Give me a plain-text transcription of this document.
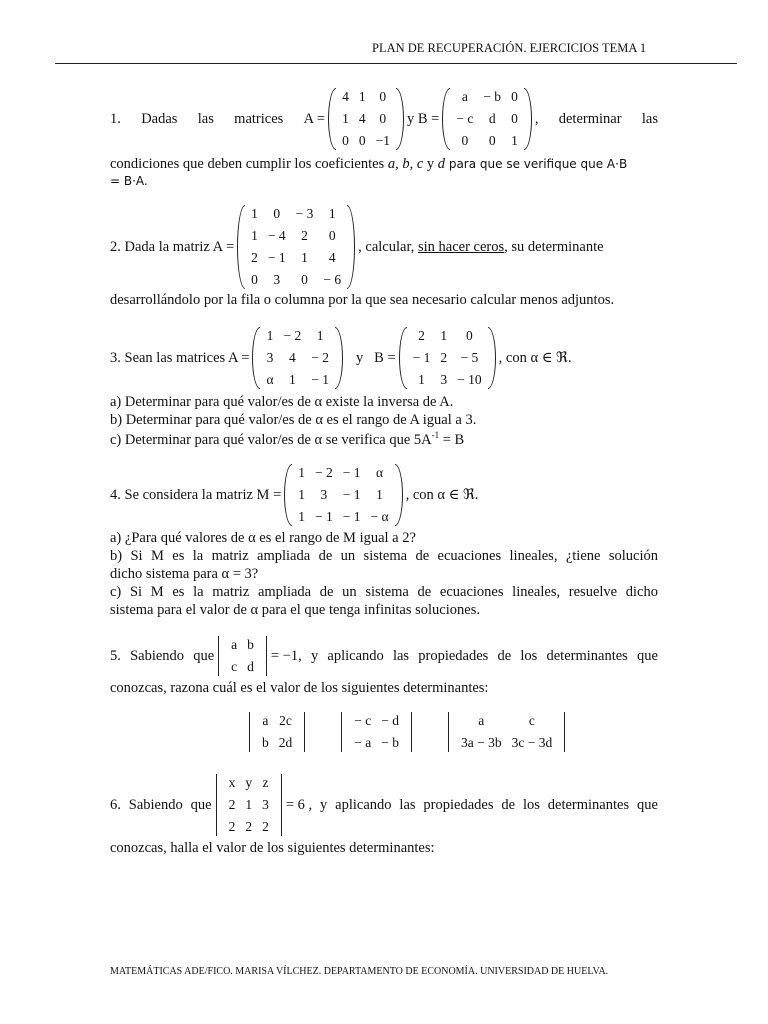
PLAN DE RECUPERACIÓN. EJERCICIOS TEMA 1
1. Dadas las matrices A =
4	1	0
1	4	0
0	0	−1
y B =
a	− b	0
− c	d	0
0	0	1
, determinar las
condiciones que deben cumplir los coeficientes a, b, c y d para que se verifique que A·B
= B·A.
2. Dada la matriz A =
1	0	− 3	1
1	− 4	2	0
2	− 1	1	4
0	3	0	− 6
, calcular, sin hacer ceros , su determinante
desarrollándolo por la fila o columna por la que sea necesario calcular menos adjuntos.
3. Sean las matrices A =
1	− 2	1
3	4	− 2
α	1	− 1
y   B =
2	1	0
− 1	2	− 5
1	3	− 10
, con α ∈ ℜ.
a) Determinar para qué valor/es de α existe la inversa de A.
b) Determinar para qué valor/es de α es el rango de A igual a 3.
c) Determinar para qué valor/es de α se verifica que $5A^{-1} = B$
4. Se considera la matriz M =
1	− 2	− 1	α
1	3	− 1	1
1	− 1	− 1	− α
, con α ∈ ℜ.
a) ¿Para qué valores de α es el rango de M igual a 2?
b) Si M es la matriz ampliada de un sistema de ecuaciones lineales, ¿tiene solución
dicho sistema para α = 3?
c) Si M es la matriz ampliada de un sistema de ecuaciones lineales, resuelve dicho
sistema para el valor de α para el que tenga infinitas soluciones.
5. Sabiendo que
a	b
c	d
= −1, y aplicando las propiedades de los determinantes que
conozcas, razona cuál es el valor de los siguientes determinantes:
a	2c
b	2d
− c	− d
− a	− b
a	c
3a − 3b	3c − 3d
6. Sabiendo que
x	y	z
2	1	3
2	2	2
= 6 , y aplicando las propiedades de los determinantes que
conozcas, halla el valor de los siguientes determinantes:
MATEMÁTICAS ADE/FICO. MARISA VÍLCHEZ. DEPARTAMENTO DE ECONOMÍA. UNIVERSIDAD DE HUELVA.
